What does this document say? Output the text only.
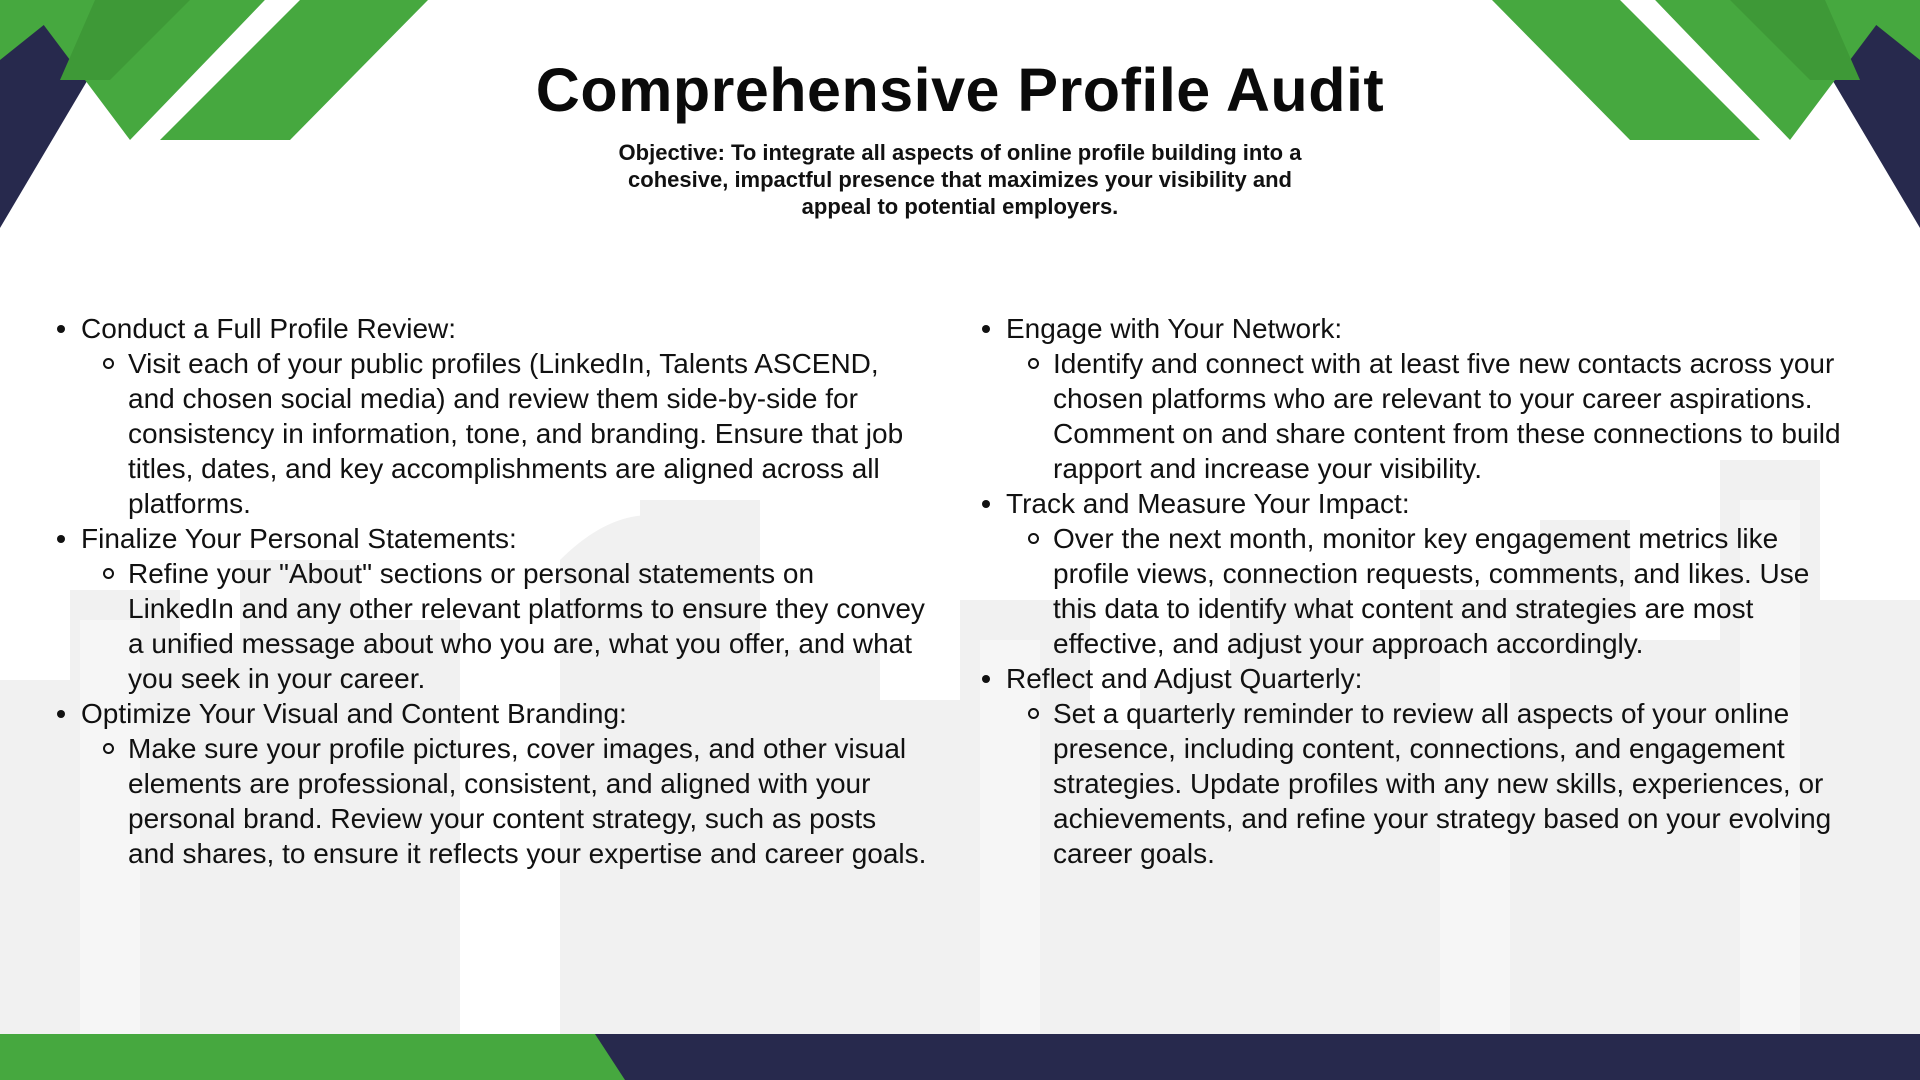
Comprehensive Profile Audit
Objective: To integrate all aspects of online profile building into a cohesive, impactful presence that maximizes your visibility and appeal to potential employers.
Conduct a Full Profile Review:
Visit each of your public profiles (LinkedIn, Talents ASCEND, and chosen social media) and review them side-by-side for consistency in information, tone, and branding. Ensure that job titles, dates, and key accomplishments are aligned across all platforms.
Finalize Your Personal Statements:
Refine your "About" sections or personal statements on LinkedIn and any other relevant platforms to ensure they convey a unified message about who you are, what you offer, and what you seek in your career.
Optimize Your Visual and Content Branding:
Make sure your profile pictures, cover images, and other visual elements are professional, consistent, and aligned with your personal brand. Review your content strategy, such as posts and shares, to ensure it reflects your expertise and career goals.
Engage with Your Network:
Identify and connect with at least five new contacts across your chosen platforms who are relevant to your career aspirations. Comment on and share content from these connections to build rapport and increase your visibility.
Track and Measure Your Impact:
Over the next month, monitor key engagement metrics like profile views, connection requests, comments, and likes. Use this data to identify what content and strategies are most effective, and adjust your approach accordingly.
Reflect and Adjust Quarterly:
Set a quarterly reminder to review all aspects of your online presence, including content, connections, and engagement strategies. Update profiles with any new skills, experiences, or achievements, and refine your strategy based on your evolving career goals.
